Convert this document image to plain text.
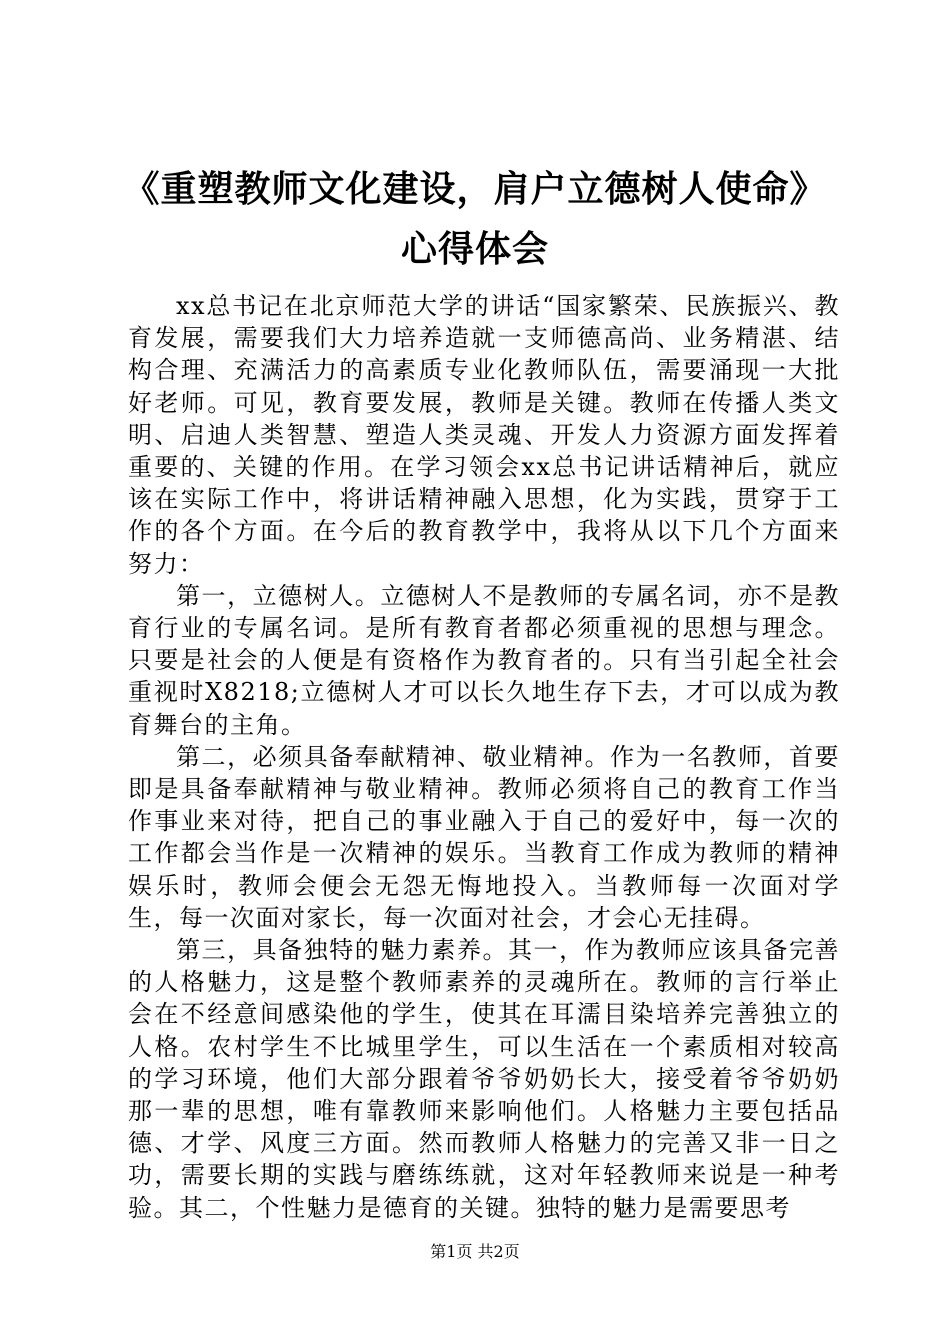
《重塑教师文化建设，肩户立德树人使命》心得体会

xx总书记在北京师范大学的讲话“国家繁荣、民族振兴、教育发展，需要我们大力培养造就一支师德高尚、业务精湛、结构合理、充满活力的高素质专业化教师队伍，需要涌现一大批好老师。可见，教育要发展，教师是关键。教师在传播人类文明、启迪人类智慧、塑造人类灵魂、开发人力资源方面发挥着重要的、关键的作用。在学习领会xx总书记讲话精神后，就应该在实际工作中，将讲话精神融入思想，化为实践，贯穿于工作的各个方面。在今后的教育教学中，我将从以下几个方面来努力：

第一，立德树人。立德树人不是教师的专属名词，亦不是教育行业的专属名词。是所有教育者都必须重视的思想与理念。只要是社会的人便是有资格作为教育者的。只有当引起全社会重视时X8218;立德树人才可以长久地生存下去，才可以成为教育舞台的主角。

第二，必须具备奉献精神、敬业精神。作为一名教师，首要即是具备奉献精神与敬业精神。教师必须将自己的教育工作当作事业来对待，把自己的事业融入于自己的爱好中，每一次的工作都会当作是一次精神的娱乐。当教育工作成为教师的精神娱乐时，教师会便会无怨无悔地投入。当教师每一次面对学生，每一次面对家长，每一次面对社会，才会心无挂碍。

第三，具备独特的魅力素养。其一，作为教师应该具备完善的人格魅力，这是整个教师素养的灵魂所在。教师的言行举止会在不经意间感染他的学生，使其在耳濡目染培养完善独立的人格。农村学生不比城里学生，可以生活在一个素质相对较高的学习环境，他们大部分跟着爷爷奶奶长大，接受着爷爷奶奶那一辈的思想，唯有靠教师来影响他们。人格魅力主要包括品德、才学、风度三方面。然而教师人格魅力的完善又非一日之功，需要长期的实践与磨练练就，这对年轻教师来说是一种考验。其二，个性魅力是德育的关键。独特的魅力是需要思考

第1页 共2页
